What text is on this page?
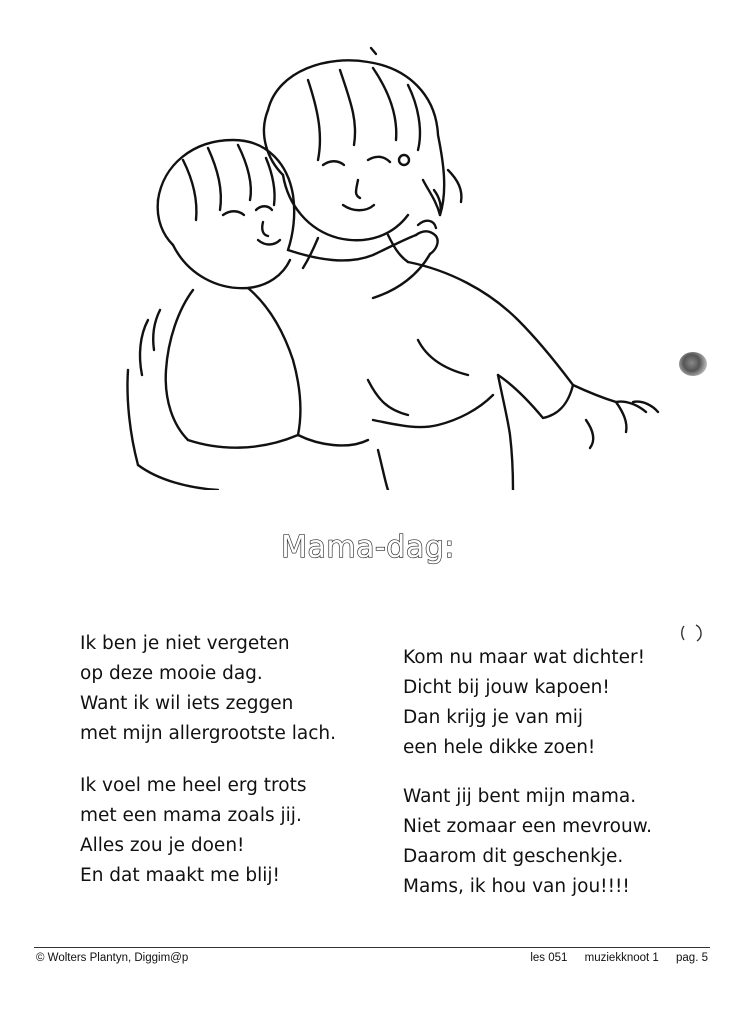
Mama-dag:
Ik ben je niet vergeten
op deze mooie dag.
Want ik wil iets zeggen
met mijn allergrootste lach.
Ik voel me heel erg trots
met een mama zoals jij.
Alles zou je doen!
En dat maakt me blij!
Kom nu maar wat dichter!
Dicht bij jouw kapoen!
Dan krijg je van mij
een hele dikke zoen!
Want jij bent mijn mama.
Niet zomaar een mevrouw.
Daarom dit geschenkje.
Mams, ik hou van jou!!!!
© Wolters Plantyn, Diggim@p	les 051 muziekknoot 1 pag. 5
